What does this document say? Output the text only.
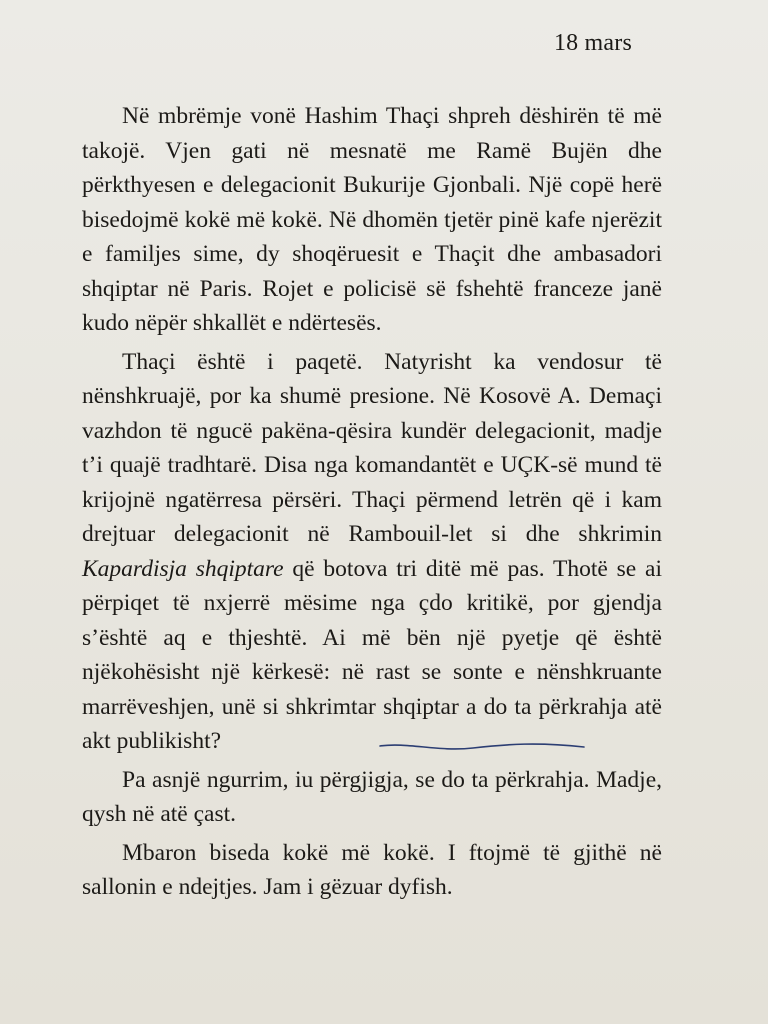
18 mars

Në mbrëmje vonë Hashim Thaçi shpreh dëshirën të më takojë. Vjen gati në mesnatë me Ramë Bujën dhe përkthyesen e delegacionit Bukurije Gjonbali. Një copë herë bisedojmë kokë më kokë. Në dhomën tjetër pinë kafe njerëzit e familjes sime, dy shoqëruesit e Thaçit dhe ambasadori shqiptar në Paris. Rojet e policisë së fshehtë franceze janë kudo nëpër shkallët e ndërtesës.

Thaçi është i paqetë. Natyrisht ka vendosur të nënshkruajë, por ka shumë presione. Në Kosovë A. Demaçi vazhdon të ngucë pakëna-qësira kundër delegacionit, madje t’i quajë tradhtarë. Disa nga komandantët e UÇK-së mund të krijojnë ngatërresa përsëri. Thaçi përmend letrën që i kam drejtuar delegacionit në Rambouil-let si dhe shkrimin Kapardisja shqiptare që botova tri ditë më pas. Thotë se ai përpiqet të nxjerrë mësime nga çdo kritikë, por gjendja s’është aq e thjeshtë. Ai më bën një pyetje që është njëkohësisht një kërkesë: në rast se sonte e nënshkruante marrëveshjen, unë si shkrimtar shqiptar a do ta përkrahja atë akt publikisht?

Pa asnjë ngurrim, iu përgjigja, se do ta përkrahja. Madje, qysh në atë çast.

Mbaron biseda kokë më kokë. I ftojmë të gjithë në sallonin e ndejtjes. Jam i gëzuar dyfish.
